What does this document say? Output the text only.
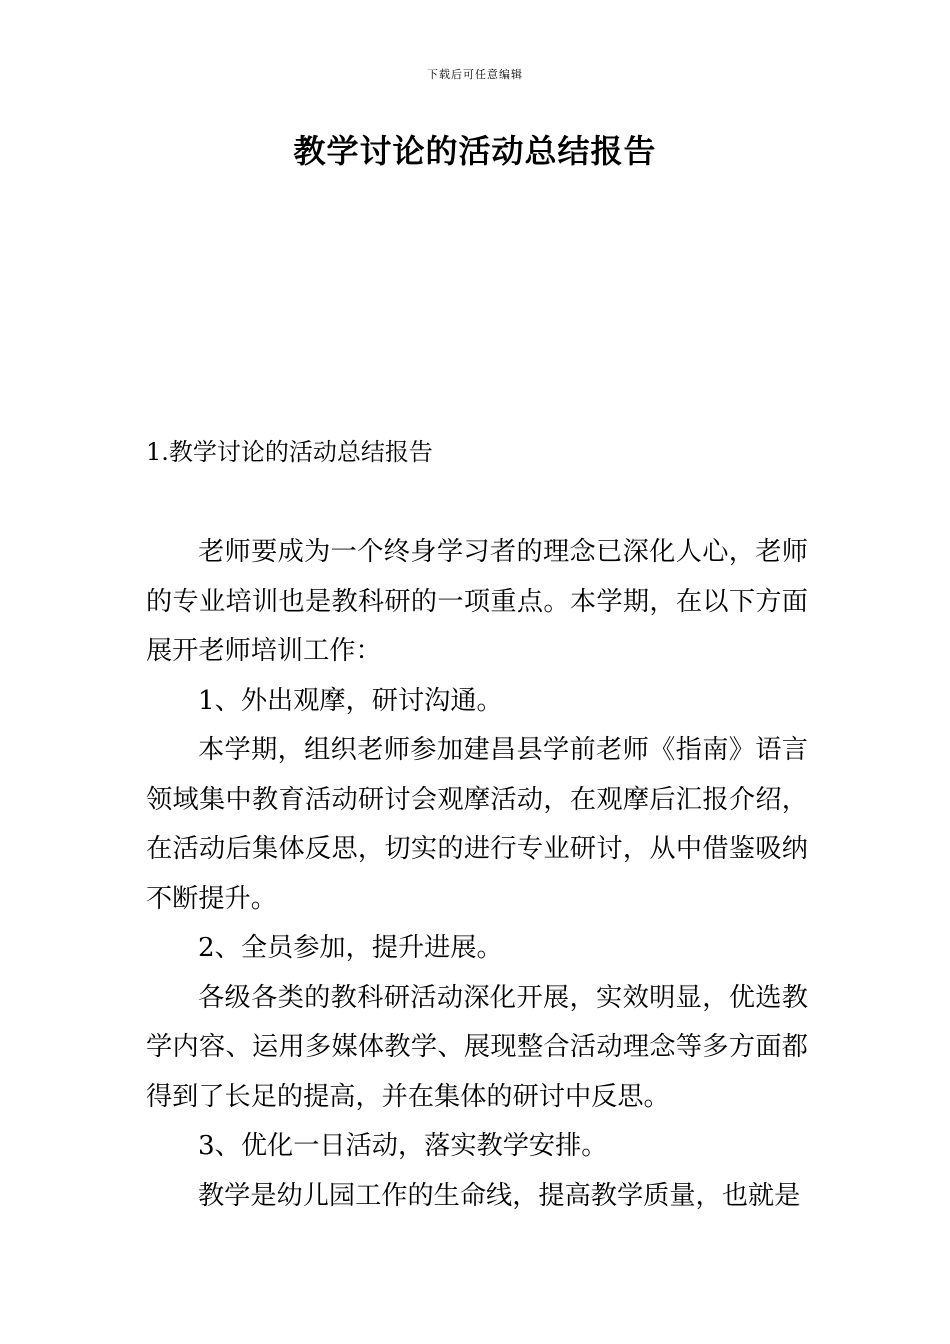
下载后可任意编辑
教学讨论的活动总结报告

1.教学讨论的活动总结报告

老师要成为一个终身学习者的理念已深化人心，老师的专业培训也是教科研的一项重点。本学期，在以下方面展开老师培训工作：

1、外出观摩，研讨沟通。

本学期，组织老师参加建昌县学前老师《指南》语言领域集中教育活动研讨会观摩活动，在观摩后汇报介绍，在活动后集体反思，切实的进行专业研讨，从中借鉴吸纳不断提升。

2、全员参加，提升进展。

各级各类的教科研活动深化开展，实效明显，优选教学内容、运用多媒体教学、展现整合活动理念等多方面都得到了长足的提高，并在集体的研讨中反思。

3、优化一日活动，落实教学安排。

教学是幼儿园工作的生命线，提高教学质量，也就是
